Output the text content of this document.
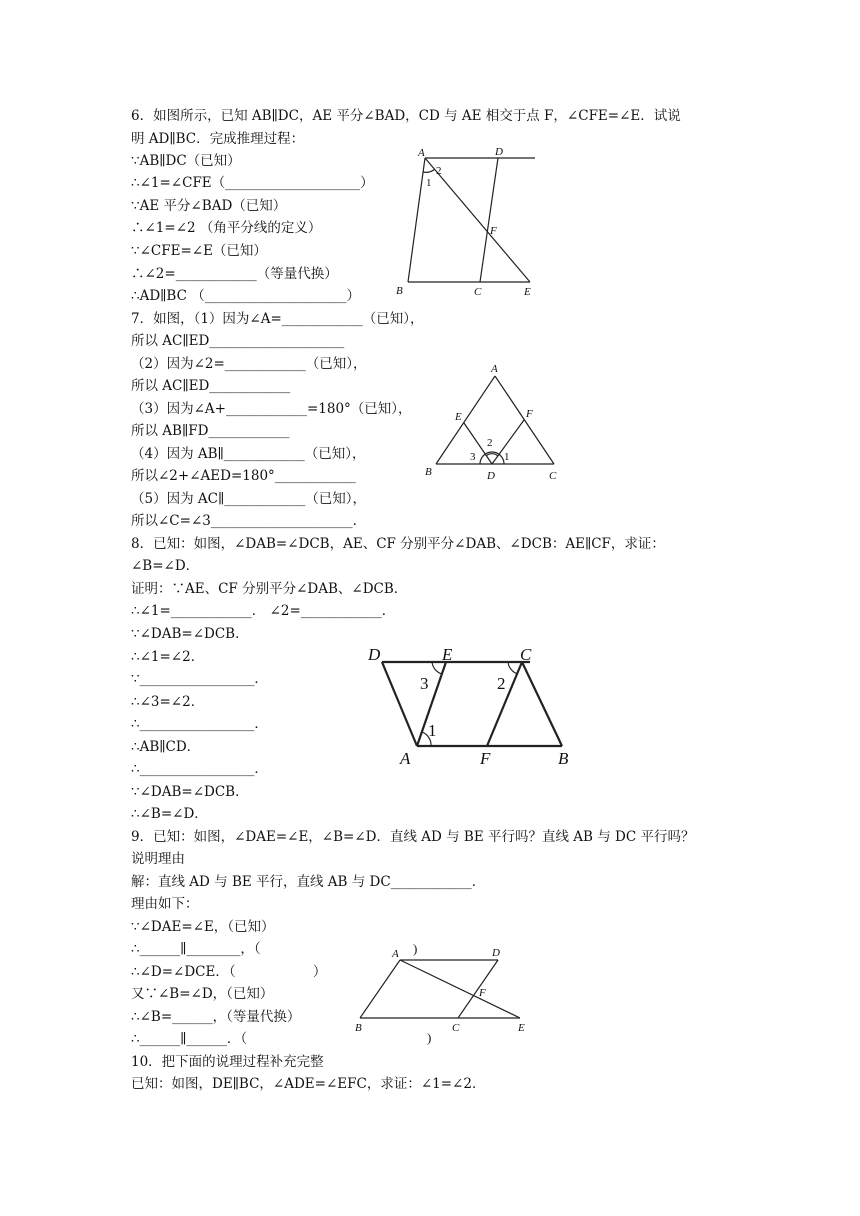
6．如图所示，已知 AB∥DC，AE 平分∠BAD，CD 与 AE 相交于点 F，∠CFE=∠E．试说
明 AD∥BC．完成推理过程：
∵AB∥DC（已知）
∴∠1=∠CFE（____________________）
∵AE 平分∠BAD（已知）
∴∠1=∠2 （角平分线的定义）
∵∠CFE=∠E（已知）
∴∠2=____________（等量代换）
∴AD∥BC （_____________________）
A	D
2
1
F
B	C	E
7．如图，（1）因为∠A=____________（已知），
所以 AC∥ED____________________
（2）因为∠2=____________（已知），
所以 AC∥ED____________
（3）因为∠A+____________=180°（已知），
所以 AB∥FD____________
（4）因为 AB∥____________（已知），
所以∠2+∠AED=180°____________
（5）因为 AC∥____________（已知），
所以∠C=∠3_____________________．
A
E	F
2
3	1
B	D	C
8．已知：如图，∠DAB=∠DCB，AE、CF 分别平分∠DAB、∠DCB：AE∥CF，求证：
∠B=∠D．
证明：∵AE、CF 分别平分∠DAB、∠DCB．
∴∠1=____________． ∠2=____________．
∵∠DAB=∠DCB．
∴∠1=∠2．
∵_________________．
∴∠3=∠2．
∴_________________．
∴AB∥CD．
∴_________________．
∵∠DAB=∠DCB．
∴∠B=∠D．
D	E	C
3	2
1
A	F	B
9．已知：如图，∠DAE=∠E，∠B=∠D．直线 AD 与 BE 平行吗？直线 AB 与 DC 平行吗？
说明理由
解：直线 AD 与 BE 平行，直线 AB 与 DC____________．
理由如下：
∵∠DAE=∠E，（已知）
∴______∥________，（
∴∠D=∠DCE．（                  ）
又∵∠B=∠D，（已知）
∴∠B=______，（等量代换）
∴______∥______．（
A )	D
F
B	C	E
)
10．把下面的说理过程补充完整
已知：如图，DE∥BC，∠ADE=∠EFC，求证：∠1=∠2．
